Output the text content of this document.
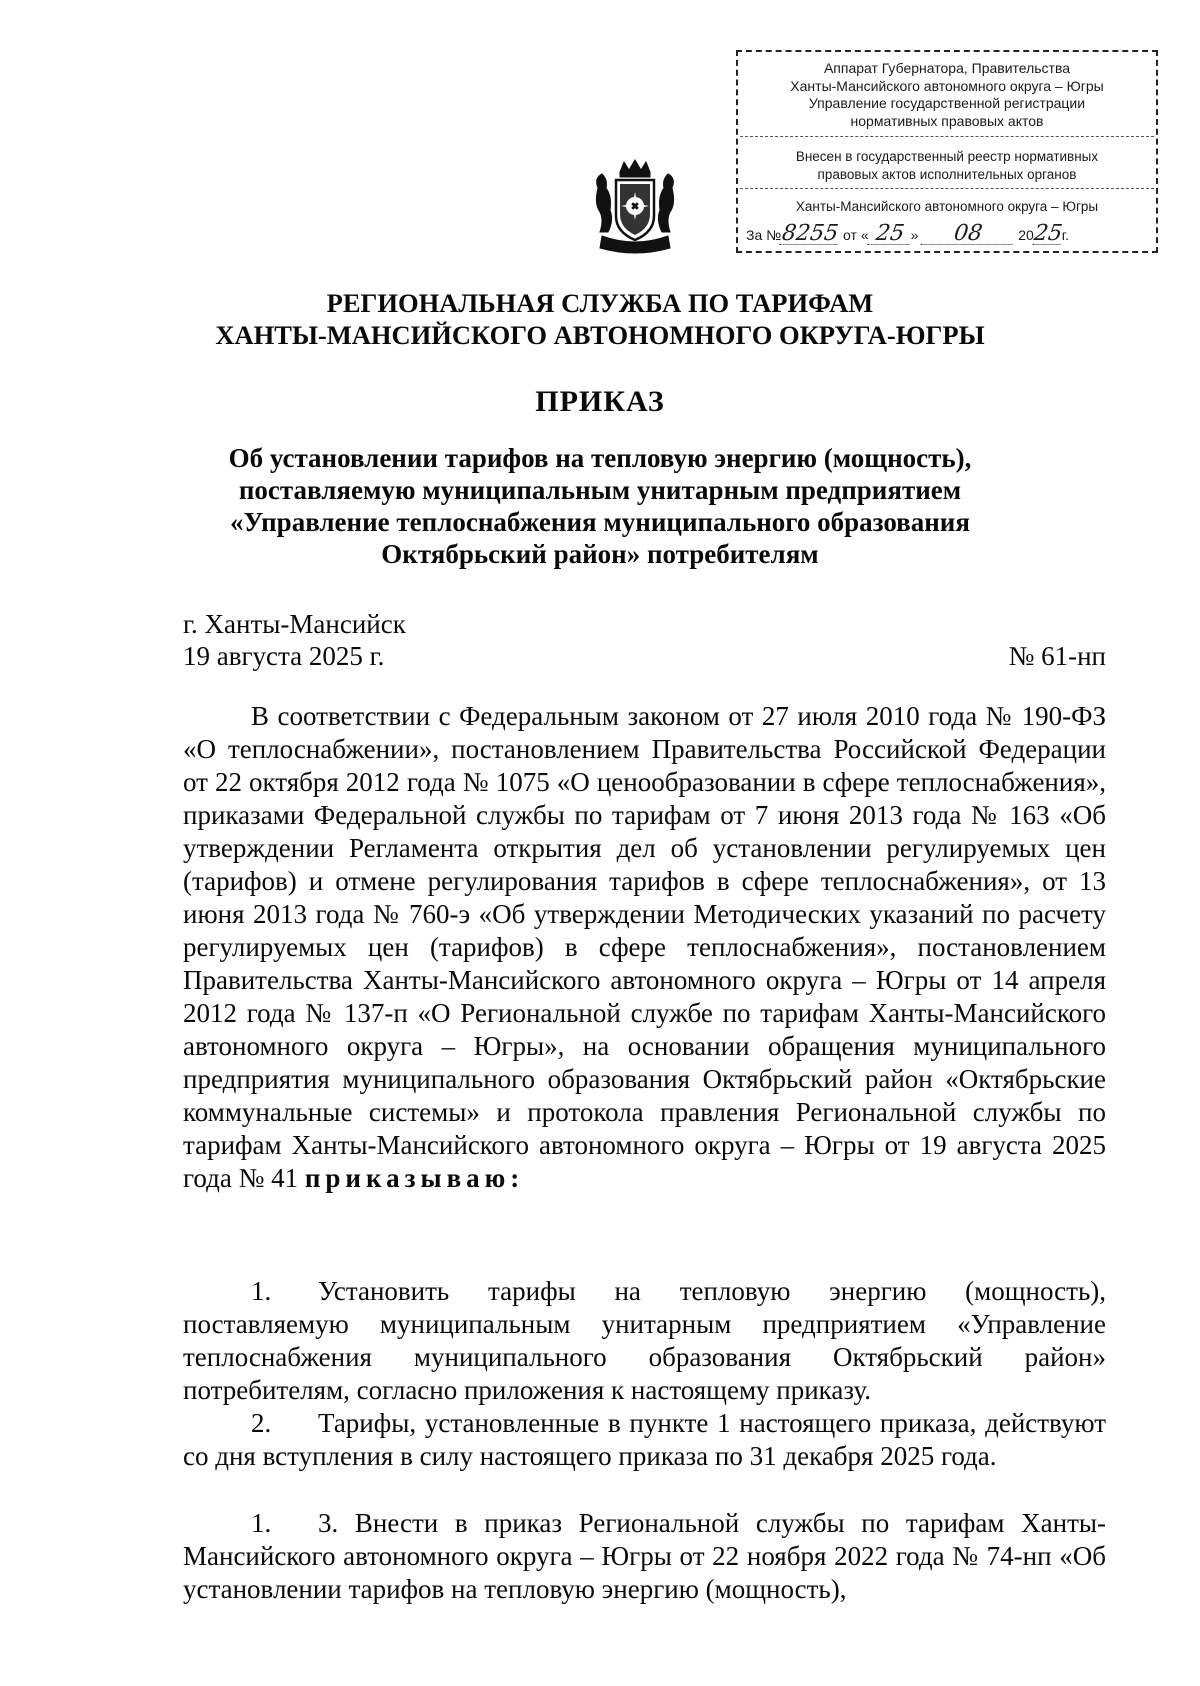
Аппарат Губернатора, Правительства
Ханты-Мансийского автономного округа – Югры
Управление государственной регистрации
нормативных правовых актов
Внесен в государственный реестр нормативных
правовых актов исполнительных органов
Ханты-Мансийского автономного округа – Югры
За №8255 от « 25 » 08 2025г.
РЕГИОНАЛЬНАЯ СЛУЖБА ПО ТАРИФАМ
ХАНТЫ-МАНСИЙСКОГО АВТОНОМНОГО ОКРУГА-ЮГРЫ
ПРИКАЗ
Об установлении тарифов на тепловую энергию (мощность),
поставляемую муниципальным унитарным предприятием
«Управление теплоснабжения муниципального образования
Октябрьский район» потребителям
г. Ханты-Мансийск
19 августа 2025 г.	№ 61-нп
В соответствии с Федеральным законом от 27 июля 2010 года № 190-ФЗ «О теплоснабжении», постановлением Правительства Российской Федерации от 22 октября 2012 года № 1075 «О ценообразовании в сфере теплоснабжения», приказами Федеральной службы по тарифам от 7 июня 2013 года № 163 «Об утверждении Регламента открытия дел об установлении регулируемых цен (тарифов) и отмене регулирования тарифов в сфере теплоснабжения», от 13 июня 2013 года № 760-э «Об утверждении Методических указаний по расчету регулируемых цен (тарифов) в сфере теплоснабжения», постановлением Правительства Ханты-Мансийского автономного округа – Югры от 14 апреля 2012 года № 137-п «О Региональной службе по тарифам Ханты-Мансийского автономного округа – Югры», на основании обращения муниципального предприятия муниципального образования Октябрьский район «Октябрьские коммунальные системы» и протокола правления Региональной службы по тарифам Ханты-Мансийского автономного округа – Югры от 19 августа 2025 года № 41 приказываю:
1. Установить тарифы на тепловую энергию (мощность), поставляемую муниципальным унитарным предприятием «Управление теплоснабжения муниципального образования Октябрьский район» потребителям, согласно приложения к настоящему приказу.
2. Тарифы, установленные в пункте 1 настоящего приказа, действуют со дня вступления в силу настоящего приказа по 31 декабря 2025 года.
1. 3. Внести в приказ Региональной службы по тарифам Ханты-Мансийского автономного округа – Югры от 22 ноября 2022 года № 74-нп «Об установлении тарифов на тепловую энергию (мощность),
